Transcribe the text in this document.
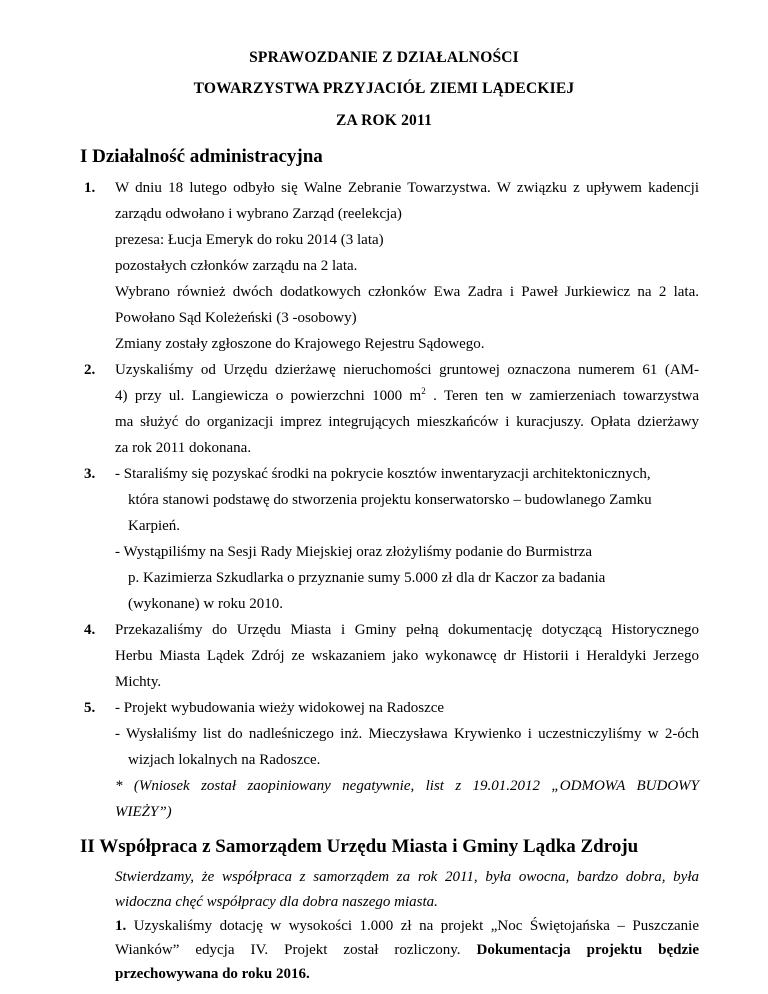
SPRAWOZDANIE Z DZIAŁALNOŚCI
TOWARZYSTWA PRZYJACIÓŁ ZIEMI LĄDECKIEJ
ZA ROK 2011
I Działalność administracyjna
1. W dniu 18 lutego odbyło się Walne Zebranie Towarzystwa. W związku z upływem kadencji
zarządu odwołano i wybrano Zarząd (reelekcja)
prezesa: Łucja Emeryk do roku 2014 (3 lata)
pozostałych członków zarządu na 2 lata.
Wybrano również dwóch dodatkowych członków Ewa Zadra i Paweł Jurkiewicz na 2 lata.
Powołano Sąd Koleżeński (3 -osobowy)
Zmiany zostały zgłoszone do Krajowego Rejestru Sądowego.
2. Uzyskaliśmy od Urzędu dzierżawę nieruchomości gruntowej oznaczona numerem 61 (AM-
4) przy ul. Langiewicza o powierzchni 1000 $m^2$ . Teren ten w zamierzeniach towarzystwa
ma służyć do organizacji imprez integrujących mieszkańców i kuracjuszy. Opłata dzierżawy
za rok 2011 dokonana.
3. - Staraliśmy się pozyskać środki na pokrycie kosztów inwentaryzacji architektonicznych,
która stanowi podstawę do stworzenia projektu konserwatorsko – budowlanego Zamku
Karpień.
- Wystąpiliśmy na Sesji Rady Miejskiej oraz złożyliśmy podanie do Burmistrza
p. Kazimierza Szkudlarka o przyznanie sumy 5.000 zł dla dr Kaczor za badania
(wykonane) w roku 2010.
4. Przekazaliśmy do Urzędu Miasta i Gminy pełną dokumentację dotyczącą Historycznego
Herbu Miasta Lądek Zdrój ze wskazaniem jako wykonawcę dr Historii i Heraldyki Jerzego
Michty.
5. - Projekt wybudowania wieży widokowej na Radoszce
- Wysłaliśmy list do nadleśniczego inż. Mieczysława Krywienko i uczestniczyliśmy w 2-óch
wizjach lokalnych na Radoszce.
* (Wniosek został zaopiniowany negatywnie, list z 19.01.2012 „ODMOWA BUDOWY
WIEŻY”)
II Współpraca z Samorządem Urzędu Miasta i Gminy Lądka Zdroju
Stwierdzamy, że współpraca z samorządem za rok 2011, była owocna, bardzo dobra, była
widoczna chęć współpracy dla dobra naszego miasta.
1. Uzyskaliśmy dotację w wysokości 1.000 zł na projekt „Noc Świętojańska – Puszczanie
Wianków” edycja IV. Projekt został rozliczony. Dokumentacja projektu będzie
przechowywana do roku 2016.
